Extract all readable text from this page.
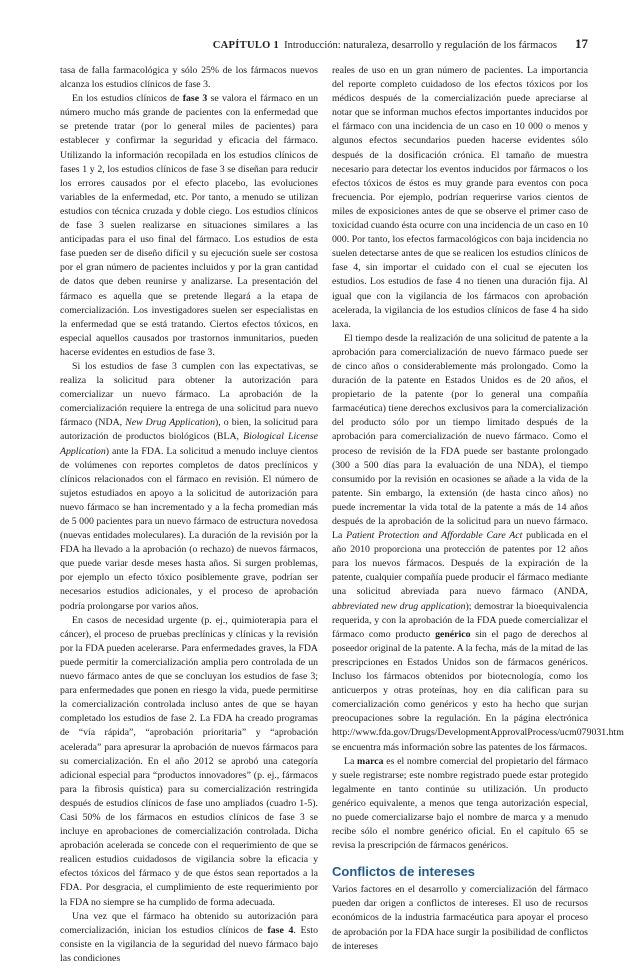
CAPÍTULO 1 Introducción: naturaleza, desarrollo y regulación de los fármacos 17

tasa de falla farmacológica y sólo 25% de los fármacos nuevos alcanza los estudios clínicos de fase 3.

En los estudios clínicos de fase 3 se valora el fármaco en un número mucho más grande de pacientes con la enfermedad que se pretende tratar (por lo general miles de pacientes) para establecer y confirmar la seguridad y eficacia del fármaco. Utilizando la información recopilada en los estudios clínicos de fases 1 y 2, los estudios clínicos de fase 3 se diseñan para reducir los errores causados por el efecto placebo, las evoluciones variables de la enfermedad, etc. Por tanto, a menudo se utilizan estudios con técnica cruzada y doble ciego. Los estudios clínicos de fase 3 suelen realizarse en situaciones similares a las anticipadas para el uso final del fármaco. Los estudios de esta fase pueden ser de diseño difícil y su ejecución suele ser costosa por el gran número de pacientes incluidos y por la gran cantidad de datos que deben reunirse y analizarse. La presentación del fármaco es aquella que se pretende llegará a la etapa de comercialización. Los investigadores suelen ser especialistas en la enfermedad que se está tratando. Ciertos efectos tóxicos, en especial aquellos causados por trastornos inmunitarios, pueden hacerse evidentes en estudios de fase 3.

Si los estudios de fase 3 cumplen con las expectativas, se realiza la solicitud para obtener la autorización para comercializar un nuevo fármaco. La aprobación de la comercialización requiere la entrega de una solicitud para nuevo fármaco (NDA, New Drug Application), o bien, la solicitud para autorización de productos biológicos (BLA, Biological License Application) ante la FDA. La solicitud a menudo incluye cientos de volúmenes con reportes completos de datos preclínicos y clínicos relacionados con el fármaco en revisión. El número de sujetos estudiados en apoyo a la solicitud de autorización para nuevo fármaco se han incrementado y a la fecha promedian más de 5 000 pacientes para un nuevo fármaco de estructura novedosa (nuevas entidades moleculares). La duración de la revisión por la FDA ha llevado a la aprobación (o rechazo) de nuevos fármacos, que puede variar desde meses hasta años. Si surgen problemas, por ejemplo un efecto tóxico posiblemente grave, podrían ser necesarios estudios adicionales, y el proceso de aprobación podría prolongarse por varios años.

En casos de necesidad urgente (p. ej., quimioterapia para el cáncer), el proceso de pruebas preclínicas y clínicas y la revisión por la FDA pueden acelerarse. Para enfermedades graves, la FDA puede permitir la comercialización amplia pero controlada de un nuevo fármaco antes de que se concluyan los estudios de fase 3; para enfermedades que ponen en riesgo la vida, puede permitirse la comercialización controlada incluso antes de que se hayan completado los estudios de fase 2. La FDA ha creado programas de “vía rápida”, “aprobación prioritaria” y “aprobación acelerada” para apresurar la aprobación de nuevos fármacos para su comercialización. En el año 2012 se aprobó una categoría adicional especial para “productos innovadores” (p. ej., fármacos para la fibrosis quística) para su comercialización restringida después de estudios clínicos de fase uno ampliados (cuadro 1-5). Casi 50% de los fármacos en estudios clínicos de fase 3 se incluye en aprobaciones de comercialización controlada. Dicha aprobación acelerada se concede con el requerimiento de que se realicen estudios cuidadosos de vigilancia sobre la eficacia y efectos tóxicos del fármaco y de que éstos sean reportados a la FDA. Por desgracia, el cumplimiento de este requerimiento por la FDA no siempre se ha cumplido de forma adecuada.

Una vez que el fármaco ha obtenido su autorización para comercialización, inician los estudios clínicos de fase 4. Esto consiste en la vigilancia de la seguridad del nuevo fármaco bajo las condiciones

reales de uso en un gran número de pacientes. La importancia del reporte completo cuidadoso de los efectos tóxicos por los médicos después de la comercialización puede apreciarse al notar que se informan muchos efectos importantes inducidos por el fármaco con una incidencia de un caso en 10 000 o menos y algunos efectos secundarios pueden hacerse evidentes sólo después de la dosificación crónica. El tamaño de muestra necesario para detectar los eventos inducidos por fármacos o los efectos tóxicos de éstos es muy grande para eventos con poca frecuencia. Por ejemplo, podrían requerirse varios cientos de miles de exposiciones antes de que se observe el primer caso de toxicidad cuando ésta ocurre con una incidencia de un caso en 10 000. Por tanto, los efectos farmacológicos con baja incidencia no suelen detectarse antes de que se realicen los estudios clínicos de fase 4, sin importar el cuidado con el cual se ejecuten los estudios. Los estudios de fase 4 no tienen una duración fija. Al igual que con la vigilancia de los fármacos con aprobación acelerada, la vigilancia de los estudios clínicos de fase 4 ha sido laxa.

El tiempo desde la realización de una solicitud de patente a la aprobación para comercialización de nuevo fármaco puede ser de cinco años o considerablemente más prolongado. Como la duración de la patente en Estados Unidos es de 20 años, el propietario de la patente (por lo general una compañía farmacéutica) tiene derechos exclusivos para la comercialización del producto sólo por un tiempo limitado después de la aprobación para comercialización de nuevo fármaco. Como el proceso de revisión de la FDA puede ser bastante prolongado (300 a 500 días para la evaluación de una NDA), el tiempo consumido por la revisión en ocasiones se añade a la vida de la patente. Sin embargo, la extensión (de hasta cinco años) no puede incrementar la vida total de la patente a más de 14 años después de la aprobación de la solicitud para un nuevo fármaco. La Patient Protection and Affordable Care Act publicada en el año 2010 proporciona una protección de patentes por 12 años para los nuevos fármacos. Después de la expiración de la patente, cualquier compañía puede producir el fármaco mediante una solicitud abreviada para nuevo fármaco (ANDA, abbreviated new drug application); demostrar la bioequivalencia requerida, y con la aprobación de la FDA puede comercializar el fármaco como producto genérico sin el pago de derechos al poseedor original de la patente. A la fecha, más de la mitad de las prescripciones en Estados Unidos son de fármacos genéricos. Incluso los fármacos obtenidos por biotecnología, como los anticuerpos y otras proteínas, hoy en día califican para su comercialización como genéricos y esto ha hecho que surjan preocupaciones sobre la regulación. En la página electrónica http://www.fda.gov/Drugs/DevelopmentApprovalProcess/ucm079031.htm se encuentra más información sobre las patentes de los fármacos.

La marca es el nombre comercial del propietario del fármaco y suele registrarse; este nombre registrado puede estar protegido legalmente en tanto continúe su utilización. Un producto genérico equivalente, a menos que tenga autorización especial, no puede comercializarse bajo el nombre de marca y a menudo recibe sólo el nombre genérico oficial. En el capítulo 65 se revisa la prescripción de fármacos genéricos.

Conflictos de intereses

Varios factores en el desarrollo y comercialización del fármaco pueden dar origen a conflictos de intereses. El uso de recursos económicos de la industria farmacéutica para apoyar el proceso de aprobación por la FDA hace surgir la posibilidad de conflictos de intereses
